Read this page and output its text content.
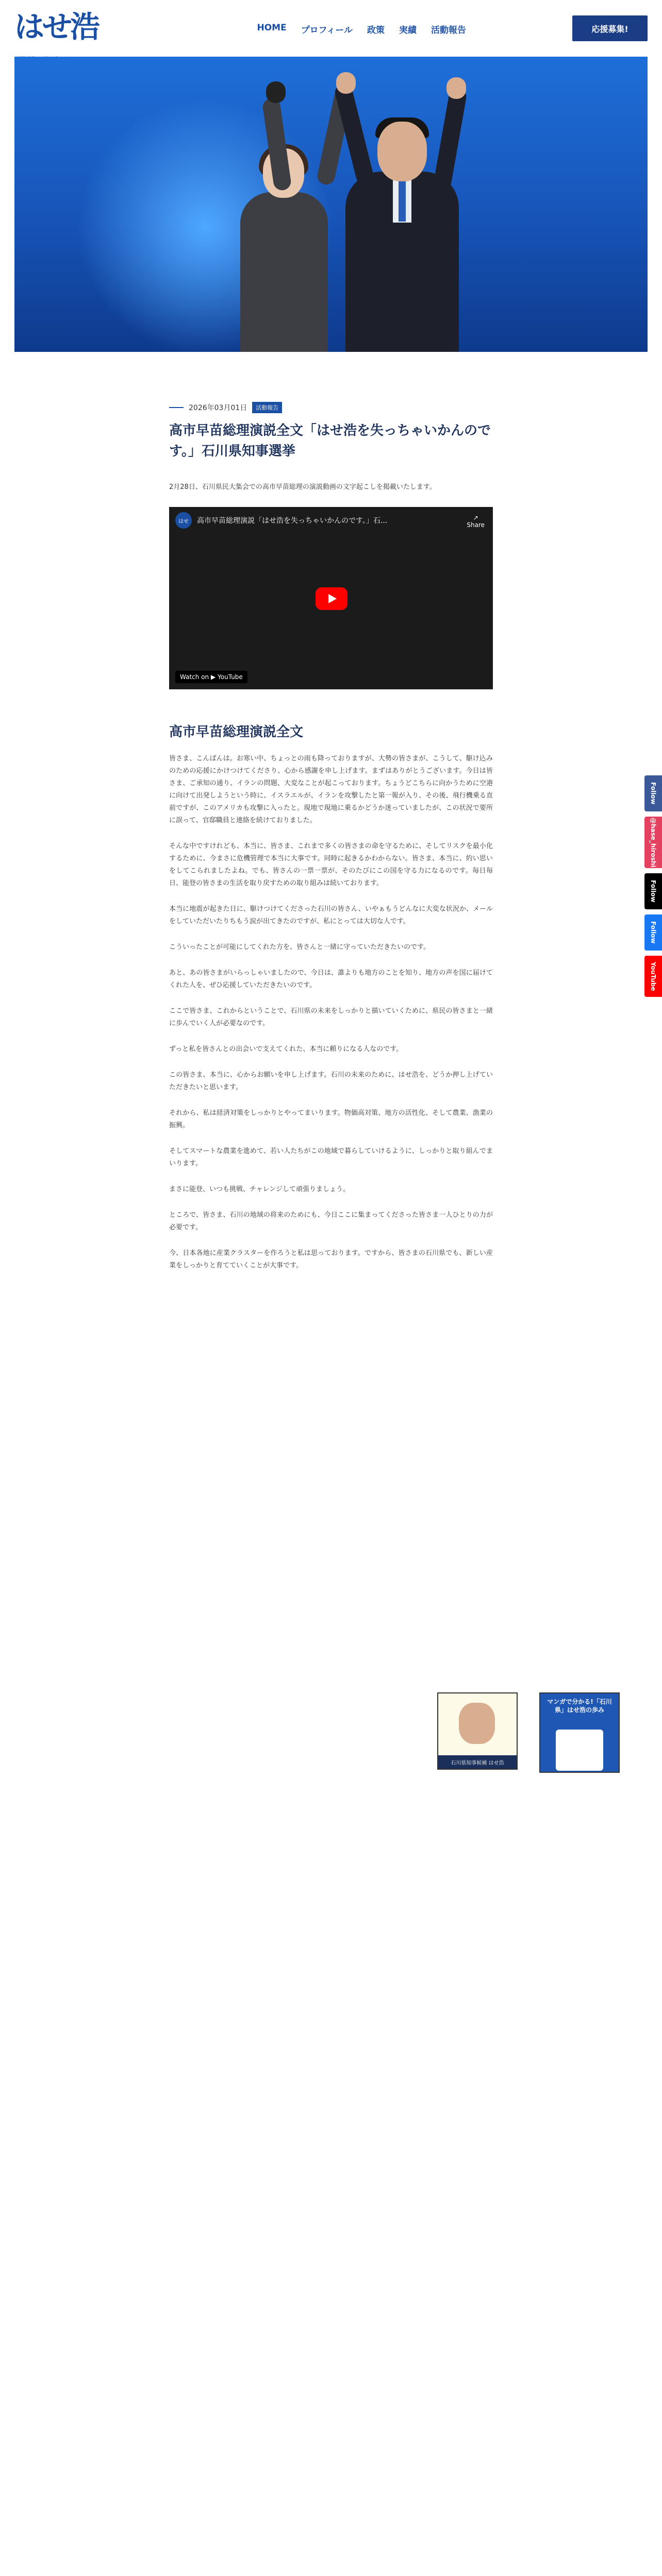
はせ浩	HOME プロフィール 政策 実績 活動報告	応援募集!
Follow
@hase_hiroshi
Follow
Follow
YouTube
2026年03月01日	活動報告
高市早苗総理演説全文「はせ浩を失っちゃいかんのです。」石川県知事選挙

2月28日、石川県民大集会での高市早苗総理の演説動画の文字起こしを掲載いたします。

はせ	高市早苗総理演説「はせ浩を失っちゃいかんのです。」石...	↗
Share
Watch on ▶ YouTube
高市早苗総理演説全文

皆さま、こんばんは。お寒い中、ちょっとの雨も降っておりますが、大勢の皆さまが、こうして、駆け込みのための応援にかけつけてくださり、心から感謝を申し上げます。まずはありがとうございます。今日は皆さま、ご承知の通り、イランの問題、大変なことが起こっております。ちょうどこちらに向かうために空港に向けて出発しようという時に、イスラエルが、イランを攻撃したと第一報が入り、その後、飛行機乗る直前ですが、このアメリカも攻撃に入ったと。現地で現地に乗るかどうか迷っていましたが、この状況で要所に誤って、官邸職員と連絡を続けておりました。

そんな中ですけれども、本当に、皆さま、これまで多くの皆さまの命を守るために、そしてリスクを最小化するために、今まさに危機管理で本当に大事です。同時に起きるかわからない。皆さま、本当に、約い思いをしてこられましたよね。でも、皆さんの一票一票が、そのたびにこの国を守る力になるのです。毎日毎日、能登の皆さまの生活を取り戻すための取り組みは続いております。

本当に地震が起きた日に、駆けつけてくださった石川の皆さん、いやぁもうどんなに大変な状況か、メールをしていただいたりちもう涙が出てきたのですが、私にとっては大切な人です。

こういったことが可能にしてくれた方を、皆さんと一緒に守っていただきたいのです。

あと、あの皆さまがいらっしゃいましたので、今日は、誰よりも地方のことを知り、地方の声を国に届けてくれた人を、ぜひ応援していただきたいのです。

ここで皆さま、これからということで、石川県の未来をしっかりと描いていくために、県民の皆さまと一緒に歩んでいく人が必要なのです。

ずっと私を皆さんとの出会いで支えてくれた、本当に頼りになる人なのです。

この皆さま、本当に、心からお願いを申し上げます。石川の未来のために、はせ浩を、どうか押し上げていただきたいと思います。

それから、私は経済対策をしっかりとやってまいります。物価高対策、地方の活性化、そして農業、漁業の振興。

そしてスマートな農業を進めて、若い人たちがこの地域で暮らしていけるように、しっかりと取り組んでまいります。

まさに能登、いつも挑戦、チャレンジして頑張りましょう。

ところで、皆さま、石川の地域の将来のためにも、今日ここに集まってくださった皆さま一人ひとりの力が必要です。

今、日本各地に産業クラスターを作ろうと私は思っております。ですから、皆さまの石川県でも、新しい産業をしっかりと育てていくことが大事です。

石川県知事候補 はせ浩
マンガで分かる!「石川県」はせ浩の歩み
